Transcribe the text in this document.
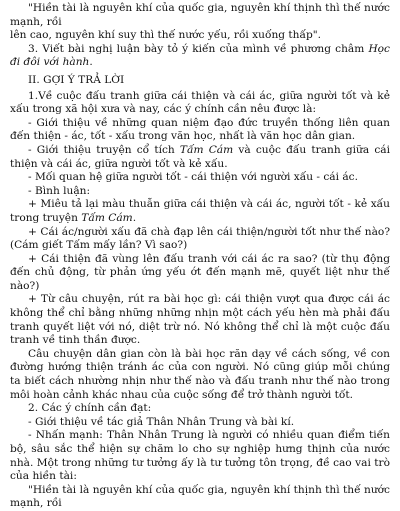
"Hiền tài là nguyên khí của quốc gia, nguyên khí thịnh thì thế nước mạnh, rồi

lên cao, nguyên khí suy thì thế nước yếu, rồi xuống thấp".

3. Viết bài nghị luận bày tỏ ý kiến của mình về phương châm Học đi đôi với hành.

II. GỢI Ý TRẢ LỜI

1.Về cuộc đấu tranh giữa cái thiện và cái ác, giữa người tốt và kẻ xấu trong xã hội xưa và nay, các ý chính cần nêu được là:

- Giới thiệu về những quan niệm đạo đức truyền thống liên quan đến thiện - ác, tốt - xấu trong văn học, nhất là văn học dân gian.

- Giới thiệu truyện cổ tích Tấm Cám và cuộc đấu tranh giữa cái thiện và cái ác, giữa người tốt và kẻ xấu.

- Mối quan hệ giữa người tốt - cái thiện với người xấu - cái ác.

- Bình luận:

+ Miêu tả lại màu thuẫn giữa cái thiện và cái ác, người tốt - kẻ xấu trong truyện Tấm Cám.

+ Cái ác/người xấu đã chà đạp lên cái thiện/người tốt như thế nào? (Cám giết Tấm mấy lần? Vì sao?)

+ Cái thiện đã vùng lên đấu tranh với cái ác ra sao? (từ thụ động đến chủ động, từ phản ứng yếu ớt đến mạnh mẽ, quyết liệt như thế nào?)

+ Từ câu chuyện, rút ra bài học gì: cái thiện vượt qua được cái ác không thể chỉ bằng những những nhịn một cách yếu hèn mà phải đấu tranh quyết liệt với nó, diệt trừ nó. Nó không thể chỉ là một cuộc đấu tranh về tinh thần được.

Câu chuyện dân gian còn là bài học răn dạy về cách sống, về con đường hướng thiện tránh ác của con người. Nó cũng giúp mỗi chúng ta biết cách nhường nhịn như thế nào và đấu tranh như thế nào trong môi hoàn cảnh khác nhau của cuộc sống để trở thành người tốt.

2. Các ý chính cần đạt:

- Giới thiệu về tác giả Thân Nhân Trung và bài kí.

- Nhấn mạnh: Thân Nhân Trung là người có nhiều quan điểm tiến bộ, sâu sắc thể hiện sự chăm lo cho sự nghiệp hưng thịnh của nước nhà. Một trong những tư tưởng ấy là tư tưởng tôn trọng, đề cao vai trò của hiền tài:

"Hiền tài là nguyên khí của quốc gia, nguyên khí thịnh thì thế nước mạnh, rồi
